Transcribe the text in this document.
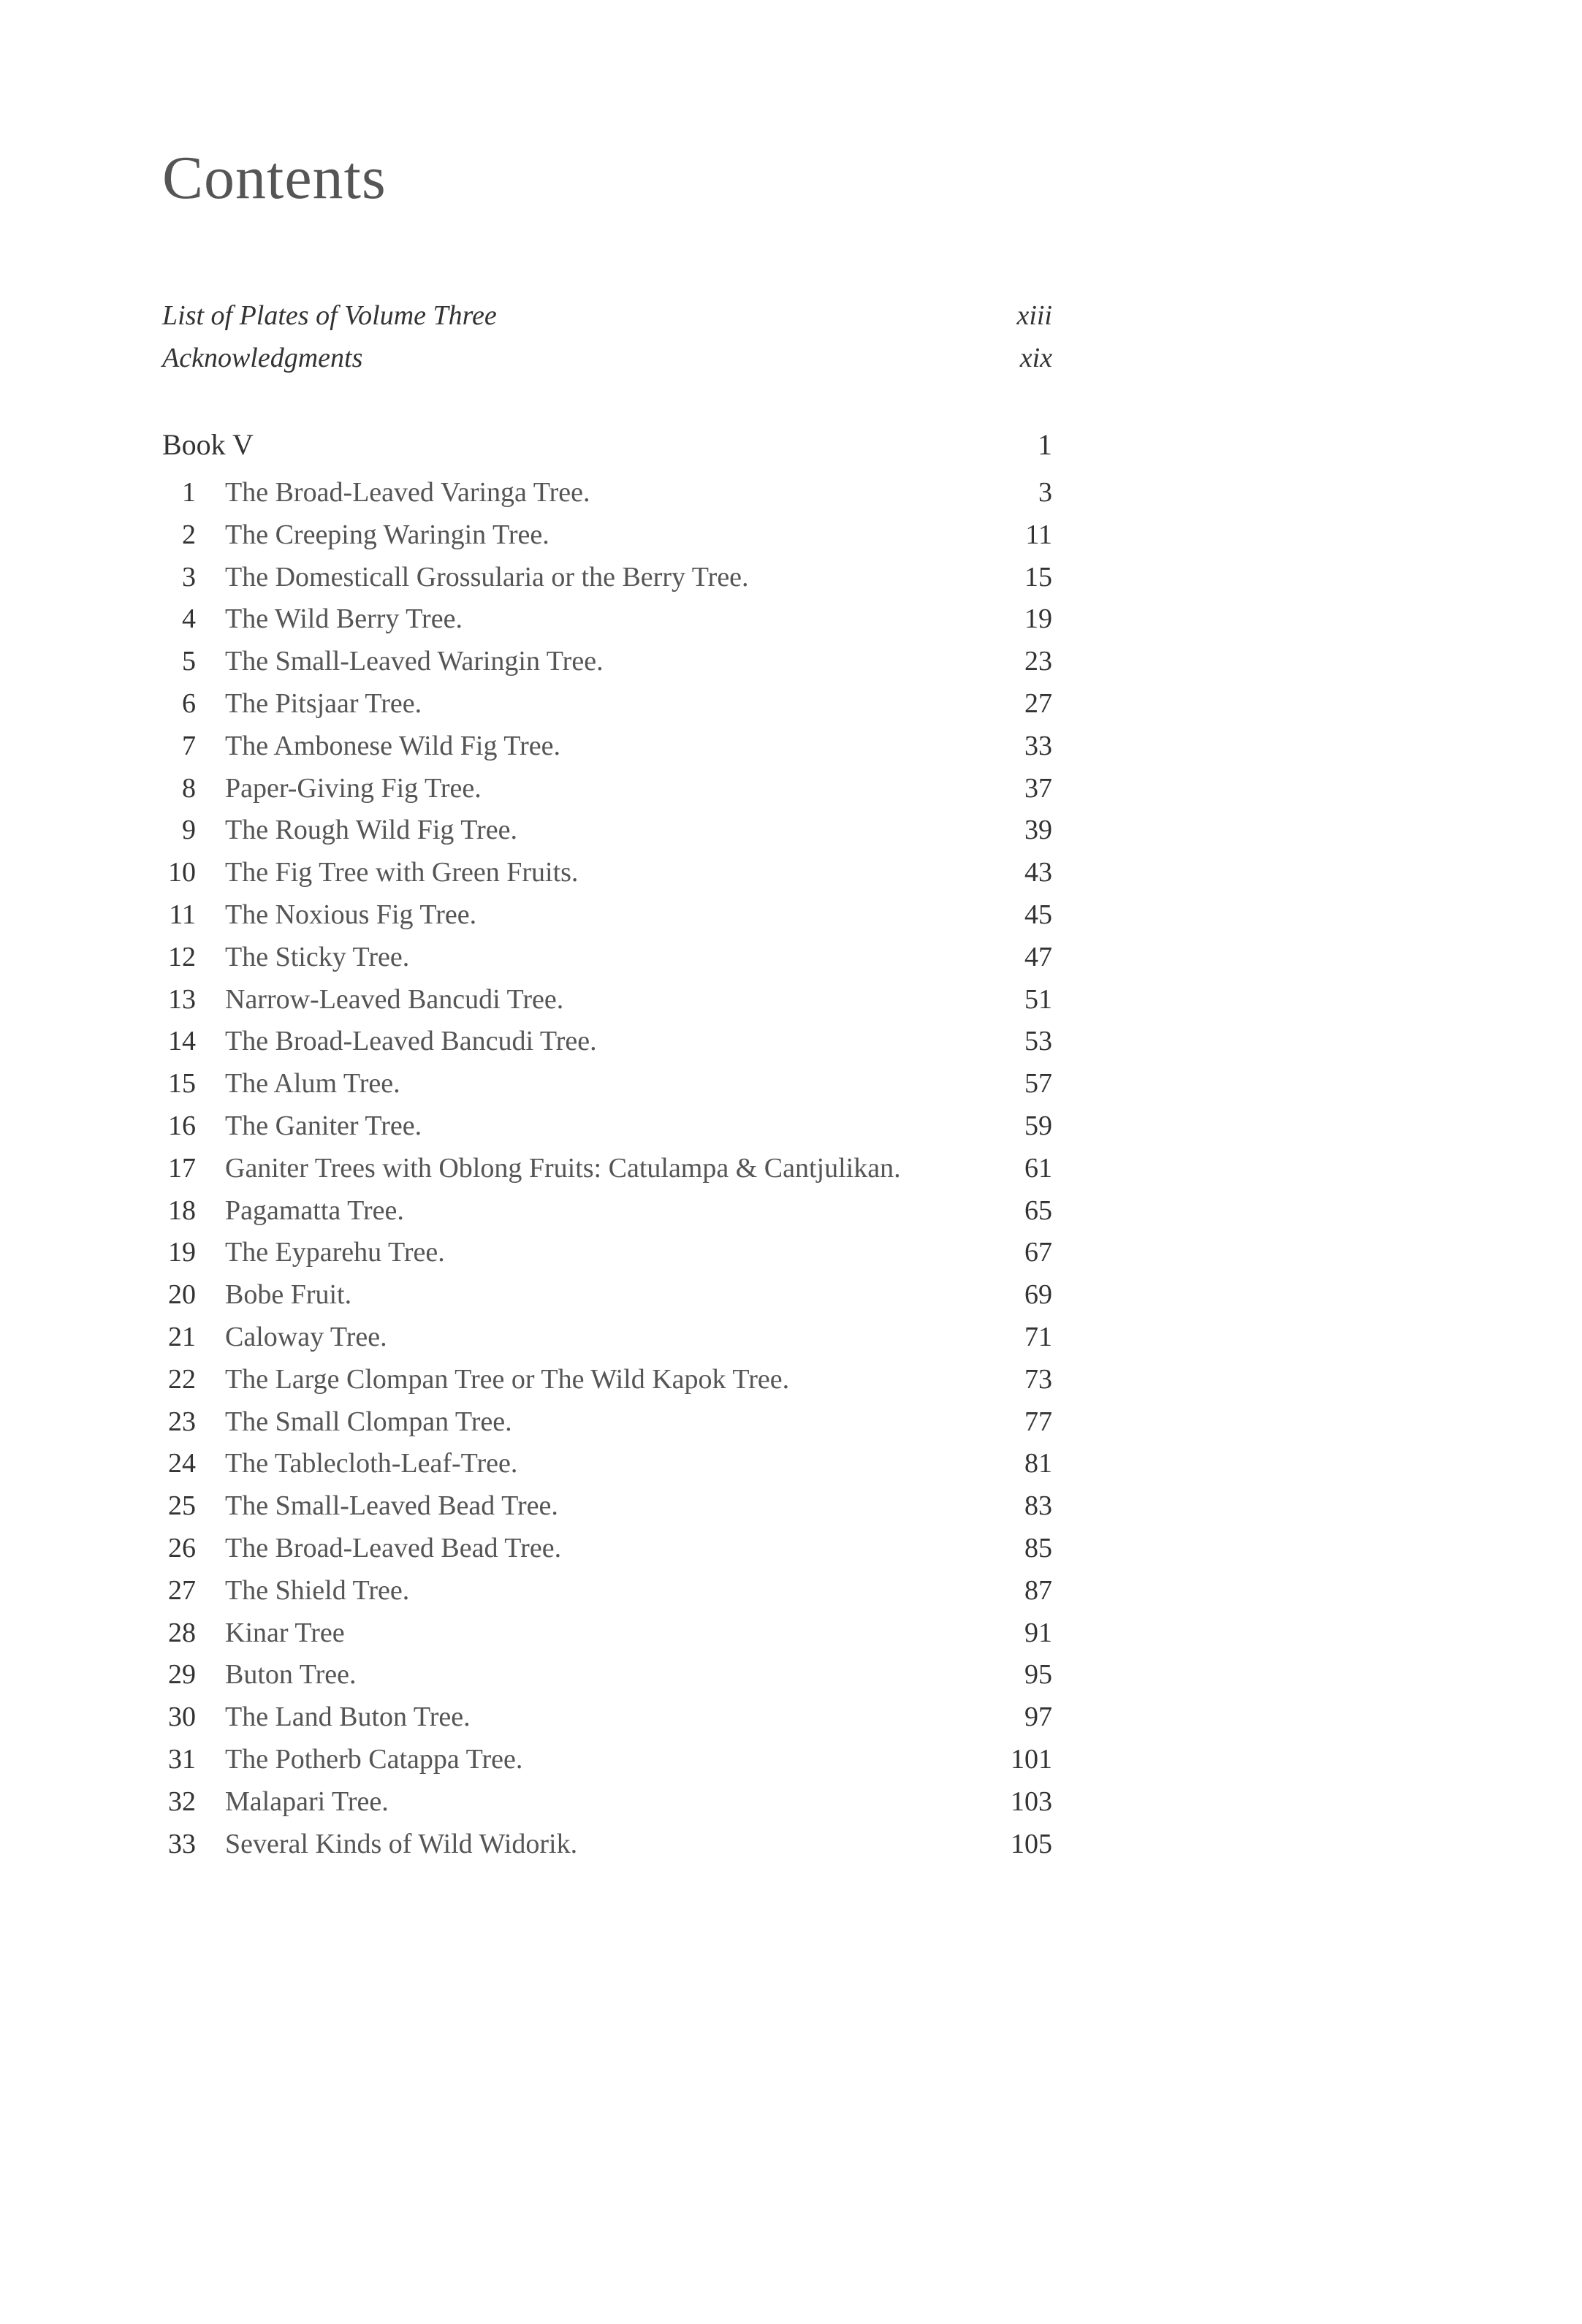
Contents
List of Plates of Volume Three	xiii
Acknowledgments	xix
Book V	1
1 The Broad-Leaved Varinga Tree.	3
2 The Creeping Waringin Tree.	11
3 The Domesticall Grossularia or the Berry Tree.	15
4 The Wild Berry Tree.	19
5 The Small-Leaved Waringin Tree.	23
6 The Pitsjaar Tree.	27
7 The Ambonese Wild Fig Tree.	33
8 Paper-Giving Fig Tree.	37
9 The Rough Wild Fig Tree.	39
10 The Fig Tree with Green Fruits.	43
11 The Noxious Fig Tree.	45
12 The Sticky Tree.	47
13 Narrow-Leaved Bancudi Tree.	51
14 The Broad-Leaved Bancudi Tree.	53
15 The Alum Tree.	57
16 The Ganiter Tree.	59
17 Ganiter Trees with Oblong Fruits: Catulampa & Cantjulikan.	61
18 Pagamatta Tree.	65
19 The Eyparehu Tree.	67
20 Bobe Fruit.	69
21 Caloway Tree.	71
22 The Large Clompan Tree or The Wild Kapok Tree.	73
23 The Small Clompan Tree.	77
24 The Tablecloth-Leaf-Tree.	81
25 The Small-Leaved Bead Tree.	83
26 The Broad-Leaved Bead Tree.	85
27 The Shield Tree.	87
28 Kinar Tree	91
29 Buton Tree.	95
30 The Land Buton Tree.	97
31 The Potherb Catappa Tree.	101
32 Malapari Tree.	103
33 Several Kinds of Wild Widorik.	105
